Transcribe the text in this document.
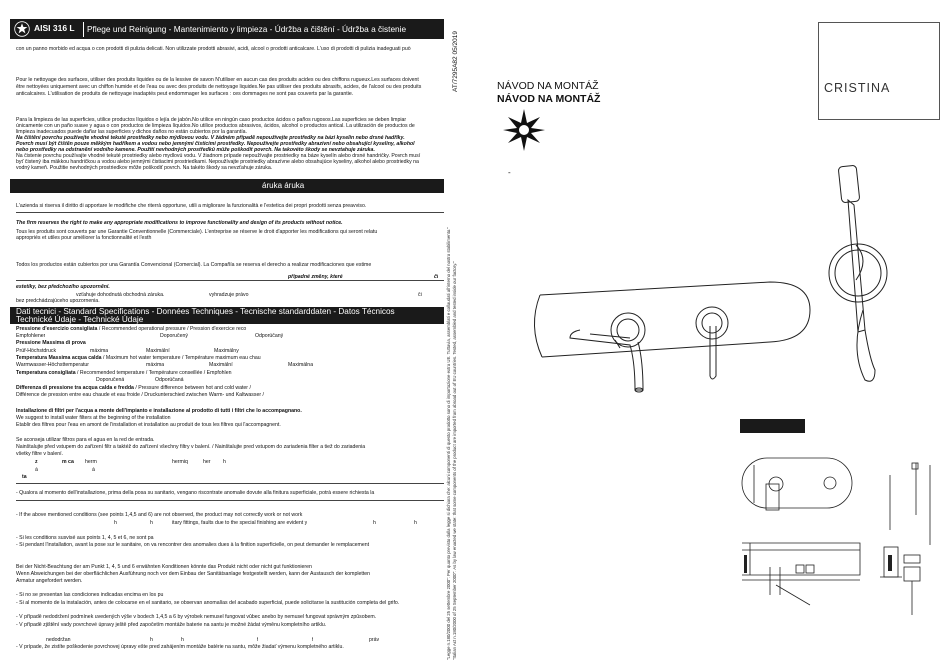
AISI 316 L Pflege und Reinigung - Mantenimiento y limpieza - Údržba a čištění - Údržba a čistenie
con un panno morbido ed acqua o con prodotti di pulizia delicati. Non utilizzate prodotti abrasivi, acidi, alcool o prodotti anticalcare. L'uso di prodotti di pulizia inadeguati può
Pour le nettoyage des surfaces, utiliser des produits liquides ou de la lessive de savon N'utiliser en aucun cas des produits acides ou des chiffons rugueux.Les surfaces doivent
être nettoyées uniquement avec un chiffon humide et de l'eau ou avec des produits de nettoyage liquides.Ne pas utiliser des produits abrasifs, acides, de l'alcool ou des produits
anticalcaires. L'utilisation de produits de nettoyage inadaptés peut endommager les surfaces : ces dommages ne sont pas couverts par la garantie.
Para la limpieza de las superficies, utilice productos líquidos o lejía de jabón.No utilice en ningún caso productos ácidos o paños rugosos.Las superficies se deben limpiar
únicamente con un paño suave y agua o con productos de limpieza líquidos.No utilice productos abrasivos, ácidos, alcohol o productos antical. La utilización de productos de
limpieza inadecuados puede dañar las superficies y dichos daños no están cubiertos por la garantía.
Na čištění povrchu používejte vhodné tekuté prostředky nebo mýdlovou vodu. V žádném případě nepoužívejte prostředky na bázi kyselin nebo drsné hadříky.
Povrch musí být čištěn pouze měkkým hadříkem a vodou nebo jemnými čisticími prostředky. Nepoužívejte prostředky abrazivní nebo obsahující kyseliny, alkohol
nebo prostředky na odstranění vodního kamene. Použití nevhodných prostředků může poškodit povrch. Na takovéto škody se nevztahuje záruka.
Na čistenie povrchu používajte vhodné tekuté prostriedky alebo mydlovú vodu. V žiadnom prípade nepoužívajte prostriedky na báze kyselín alebo drsné handričky. Povrch musí
byť čistený iba mäkkou handričkou a vodou alebo jemnými čistiacimi prostriedkami. Nepoužívajte prostriedky abrazívne alebo obsahujúce kyseliny, alkohol alebo prostriedky na
vodný kameň. Použitie nevhodných prostriedkov môže poškodiť povrch. Na takéto škody sa nevzťahuje záruka.
áruka áruka
L'azienda si riserva il diritto di apportare le modifiche che riterrà opportune, utili a migliorare la funzionalità e l'estetica dei propri prodotti senza preavviso.
The firm reserves the right to make any appropriate modifications to improve functionality and design of its products without notice.
Tous les produits sont couverts par une Garantie Conventionnelle (Commerciale). L'entreprise se réserve le droit d'apporter les modifications qui seront relatu
appropriés et utiles pour améliorer la fonctionnalité et l'esth
Todos los productos están cubiertos por una Garantía Convencional (Comercial). La Compañía se reserva el derecho a realizar modificaciones que estime
případné změny, které	či
estetiky, bez předchozího upozornění.
vzťahuje dohodnutá obchodná záruka.	vyhradzuje právo	či
bez predchádzajúceho upozornenia.
Dati tecnici - Standard Specifications - Données Techniques - Tecnische standarddaten - Datos Técnicos
Technické Údaje - Technické Údaje
Pressione d'esercizio consigliata / Recommended operational pressure / Pression d'exercice reco
Empfohlener	Doporučený	Odporúčaný
Pressione Massima di prova
Prüf-Höchstdruck	máxima	Maximální	Maximálny
Temperatura Massima acqua calda / Maximum hot water temperature / Température maximum eau chau
Warmwasser-Höchsttemperatur	máxima	Maximální	Maximálna
Temperatura consigliata / Recommended temperature / Température conseillée / Empfohlen
Doporučená	Odporúčaná
Differenza di pressione tra acqua calda e fredda / Pressure difference between hot and cold water /
Différence de pression entre eau chaude et eau froide / Druckunterschied zwischen Warm- und Kaltwasser /
Installazione di filtri per l'acqua a monte dell'impianto e installazione al prodotto di tutti i filtri che lo accompagnano.
We suggest to install water filters at the beginning of the installation
Etablir des filtres pour l'eau en amont de l'installation et installation au produit de tous les filtres qui l'accompagnent.
Se aconseja utilizar filtros para el agua en la red de entrada.
Nainštalujte před vstupem do zařízení filtr a taktéž do zařízení všechny filtry v balení. / Nainštalujte pred vstupom do zariadenia filter a tiež do zariadenia
všetky filtre v balení.
z	m ca herm	hermiq	her h
á	á
ta
- Qualora al momento dell'installazione, prima della posa su sanitario, vengano riscontrate anomalie dovute alla finitura superficiale, potrà essere richiesta la
- If the above mentioned conditions (see points 1,4,5 and 6) are not observed, the product may not correctly work or not work
h	h	itary fittings, faults due to the special finishing are evident y	h	h
- Si les conditions susvisé aux points 1, 4, 5 et 6, ne sont pa
- Si pendant l'installation, avant la pose sur le sanitaire, on va rencontrer des anomalies dues à la finition superficielle, on peut demander le remplacement
Bei der Nicht-Beachtung der am Punkt 1, 4, 5 und 6 erwähnten Konditionen könnte das Produkt nicht oder nicht gut funktionieren
Wenn Abweichungen bei der oberflächlichen Ausführung noch vor dem Einbau der Sanitätsanlage festgestellt werden, kann der Austausch der kompletten
Armatur angefordert werden.
- Si no se presentan las condiciones indicadas encima en los pu
- Si al momento de la instalación, antes de colocarse en el sanitario, se observan anomalías del acabado superficial, puede solicitarse la sustitución completa del grifo.
- V případě nedodržení podmínek uvedených výše v bodech 1,4,5 a 6 by výrobek nemusel fungovat vůbec anebo by nemusel fungovat správným způsobem.
- V případě zjištění vady povrchové úpravy ještě před započetím montáže baterie na santu je možné žádat výměnu kompletního artiklu.
nedodržan	h	h	f	f	práv
- V prípade, že zistíte poškodenie povrchovej úpravy ešte pred zahájením montáže batérie na santu, môže žiadať výmenu kompletného artiklu.
AT/7295A82 05/2019
"Legge n.180/2000 del 25 settembre 2000": Per quanto previsto dalla legge si dichiara che: alcuni componenti di questo prodotto sono di importazione extra UE. Tuttavia, assemblati e collaudati all'interno del nostro stabilimento." "Italian Act n.180/2000 of 25 September 2000": As by law enacted we state: that some components of the product are imported from abroad out of EU countries. Tested, assembled and tested inside our factory."
NÁVOD NA MONTÁŽ
NÁVOD NA MONTÁŽ
CRISTINA
-
